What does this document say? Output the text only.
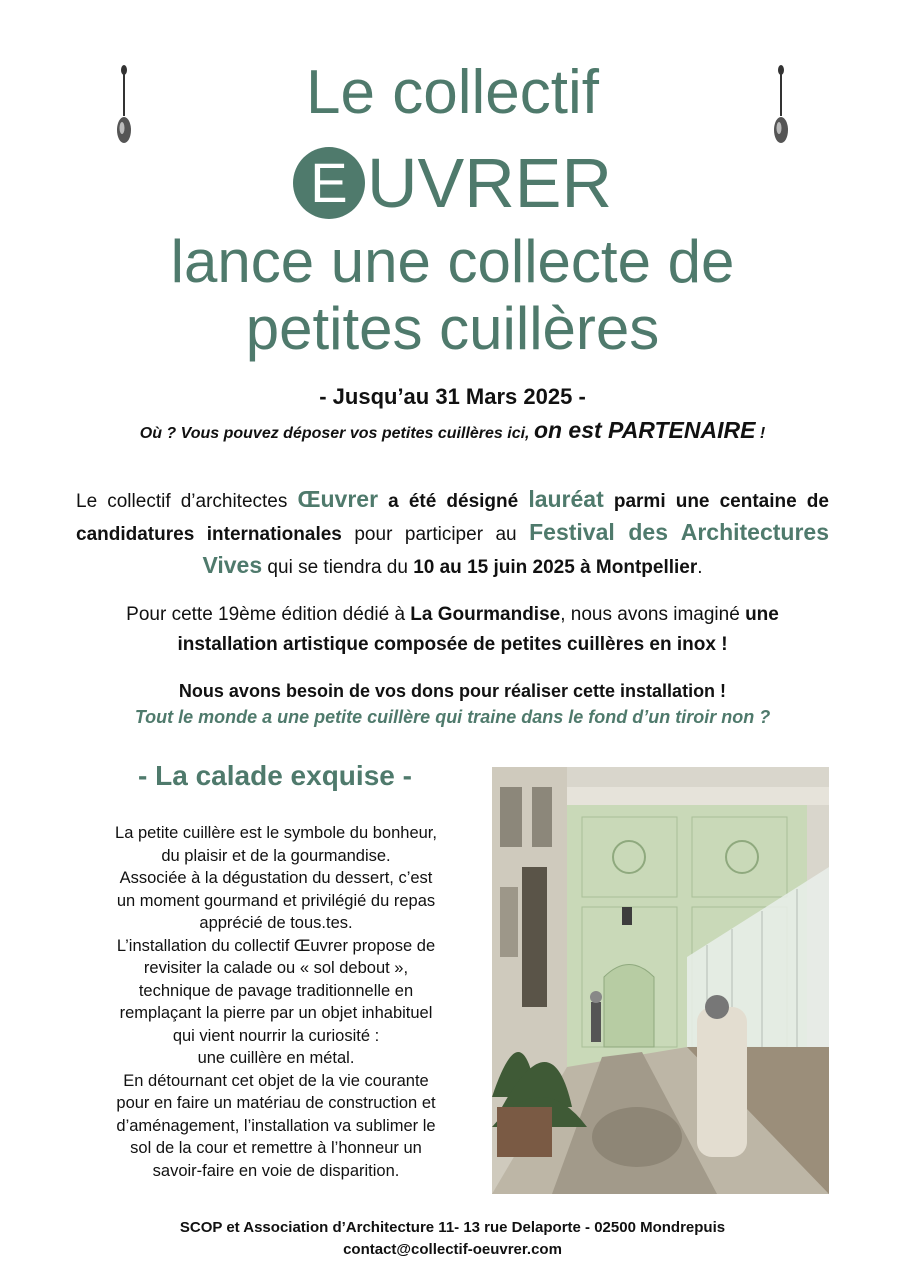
Le collectif
E UVRER
lance une collecte de
petites cuillères
- Jusqu’au 31 Mars 2025 -
Où ? Vous pouvez déposer vos petites cuillères ici, on est PARTENAIRE !
Le collectif d’architectes Œuvrer a été désigné lauréat parmi une centaine de candidatures internationales pour participer au Festival des Architectures Vives qui se tiendra du 10 au 15 juin 2025 à Montpellier.
Pour cette 19ème édition dédié à La Gourmandise, nous avons imaginé une installation artistique composée de petites cuillères en inox !
Nous avons besoin de vos dons pour réaliser cette installation !
Tout le monde a une petite cuillère qui traine dans le fond d’un tiroir non ?
- La calade exquise -
La petite cuillère est le symbole du bonheur,
du plaisir et de la gourmandise.
Associée à la dégustation du dessert, c’est
un moment gourmand et privilégié du repas
apprécié de tous.tes.
L’installation du collectif Œuvrer propose de
revisiter la calade ou « sol debout »,
technique de pavage traditionnelle en
remplaçant la pierre par un objet inhabituel
qui vient nourrir la curiosité :
une cuillère en métal.
En détournant cet objet de la vie courante
pour en faire un matériau de construction et
d’aménagement, l’installation va sublimer le
sol de la cour et remettre à l’honneur un
savoir-faire en voie de disparition.
SCOP et Association d’Architecture 11- 13 rue Delaporte - 02500 Mondrepuis
contact@collectif-oeuvrer.com
